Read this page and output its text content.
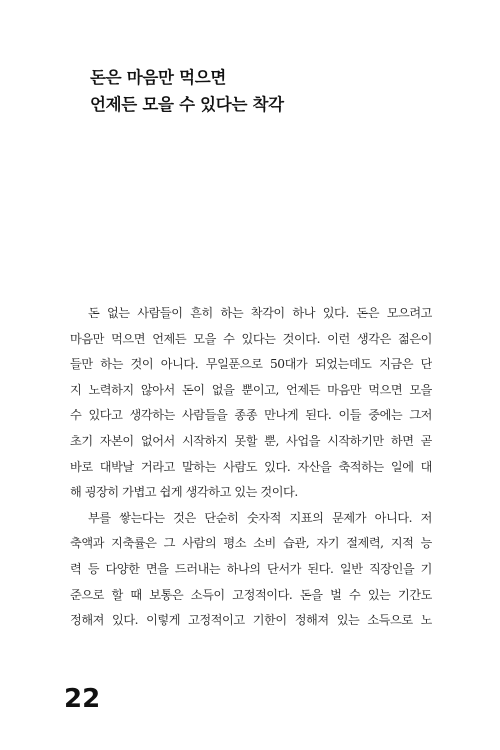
돈은 마음만 먹으면
언제든 모을 수 있다는 착각
돈 없는 사람들이 흔히 하는 착각이 하나 있다. 돈은 모으려고
마음만 먹으면 언제든 모을 수 있다는 것이다. 이런 생각은 젊은이
들만 하는 것이 아니다. 무일푼으로 50대가 되었는데도 지금은 단
지 노력하지 않아서 돈이 없을 뿐이고, 언제든 마음만 먹으면 모을
수 있다고 생각하는 사람들을 종종 만나게 된다. 이들 중에는 그저
초기 자본이 없어서 시작하지 못할 뿐, 사업을 시작하기만 하면 곧
바로 대박날 거라고 말하는 사람도 있다. 자산을 축적하는 일에 대
해 굉장히 가볍고 쉽게 생각하고 있는 것이다.
부를 쌓는다는 것은 단순히 숫자적 지표의 문제가 아니다. 저
축액과 지축률은 그 사람의 평소 소비 습관, 자기 절제력, 지적 능
력 등 다양한 면을 드러내는 하나의 단서가 된다. 일반 직장인을 기
준으로 할 때 보통은 소득이 고정적이다. 돈을 벌 수 있는 기간도
정해져 있다. 이렇게 고정적이고 기한이 정해져 있는 소득으로 노
22
